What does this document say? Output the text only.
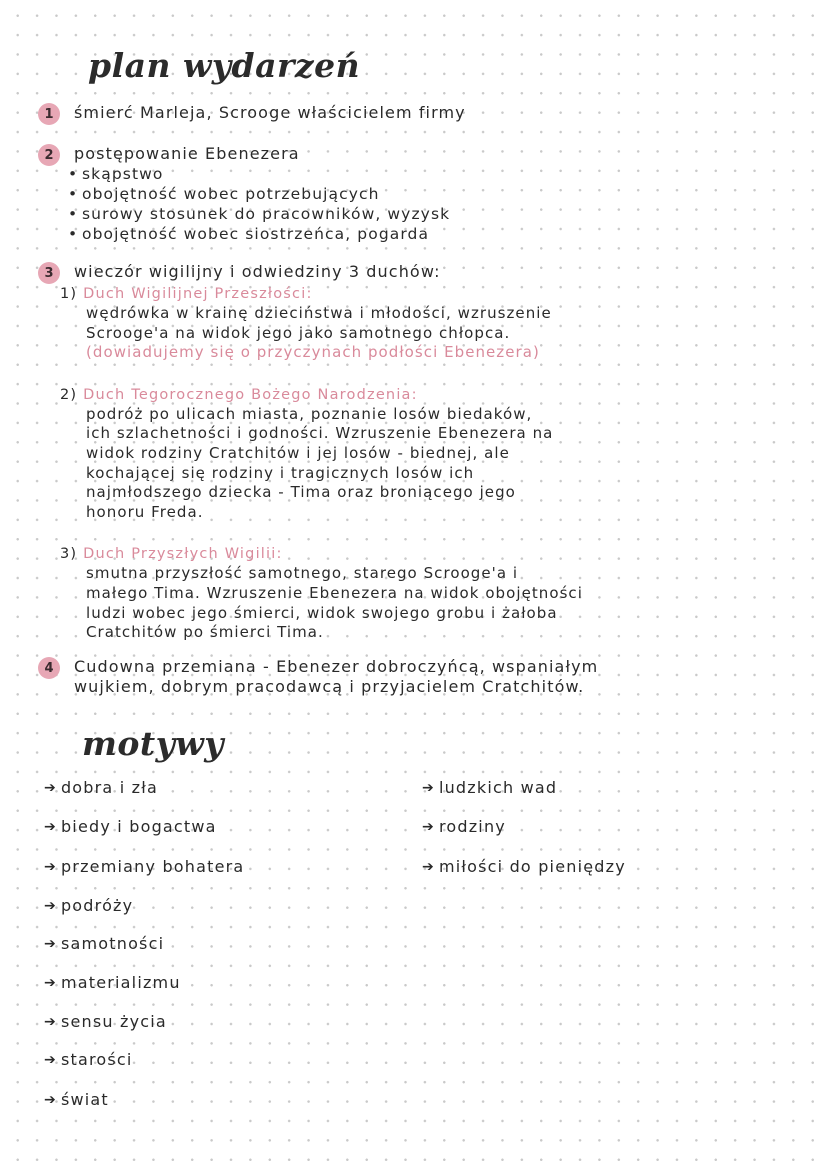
plan wydarzeń
1	śmierć Marleja, Scrooge właścicielem firmy
2	postępowanie Ebenezera
• skąpstwo
• obojętność wobec potrzebujących
• surowy stosunek do pracowników, wyzysk
• obojętność wobec siostrzeńca, pogarda
3	wieczór wigilijny i odwiedziny 3 duchów:
1) Duch Wigilijnej Przeszłości:

wędrówka w krainę dzieciństwa i młodości, wzruszenie

Scrooge'a na widok jego jako samotnego chłopca.

(dowiadujemy się o przyczynach podłości Ebenezera)

2) Duch Tegorocznego Bożego Narodzenia:

podróż po ulicach miasta, poznanie losów biedaków,

ich szlachetności i godności. Wzruszenie Ebenezera na

widok rodziny Cratchitów i jej losów - biednej, ale

kochającej się rodziny i tragicznych losów ich

najmłodszego dziecka - Tima oraz broniącego jego

honoru Freda.

3) Duch Przyszłych Wigilii:

smutna przyszłość samotnego, starego Scrooge'a i

małego Tima. Wzruszenie Ebenezera na widok obojętności

ludzi wobec jego śmierci, widok swojego grobu i żałoba

Cratchitów po śmierci Tima.

4	Cudowna przemiana - Ebenezer dobroczyńcą, wspaniałym
wujkiem, dobrym pracodawcą i przyjacielem Cratchitów.
motywy
➔ dobra i zła
➔ biedy i bogactwa
➔ przemiany bohatera
➔ podróży
➔ samotności
➔ materializmu
➔ sensu życia
➔ starości
➔ świat
➔ ludzkich wad
➔ rodziny
➔ miłości do pieniędzy
